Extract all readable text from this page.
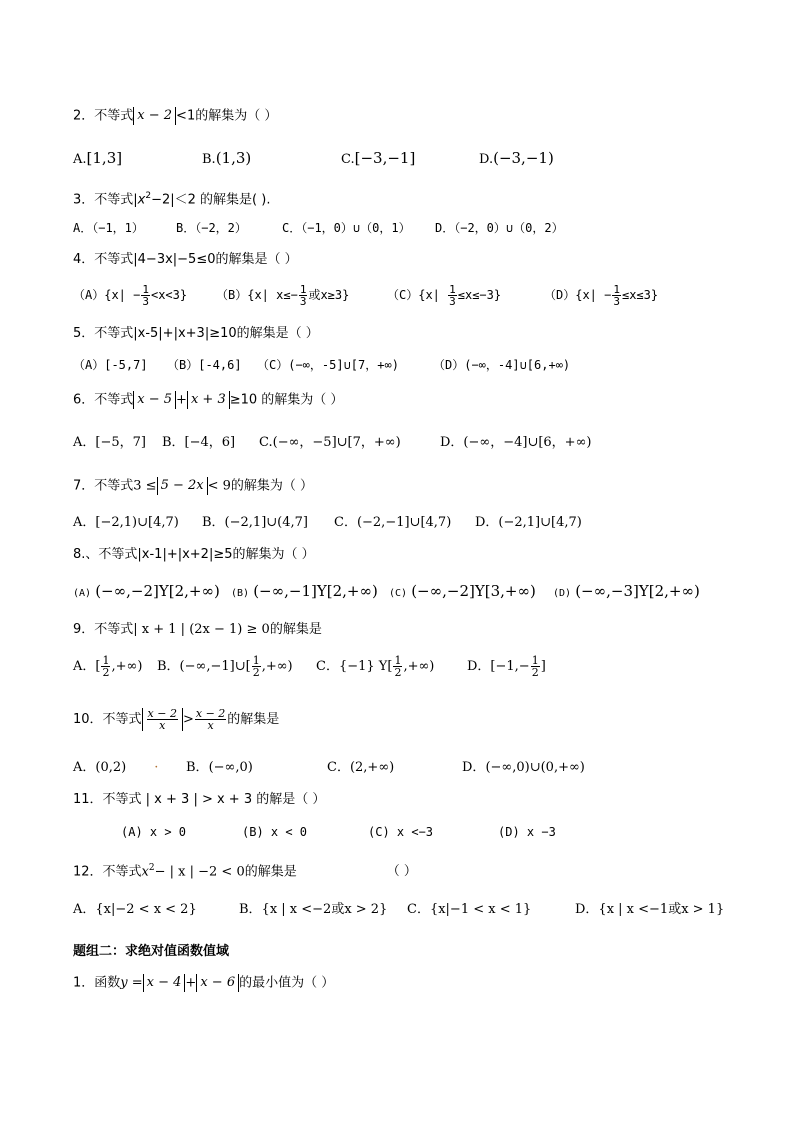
2．不等式 x − 2 <1的解集为（ ）
A.[1,3]	B.(1,3)	C.[−3,−1]	D.(−3,−1)
3．不等式$|x^2-2|<2$ 的解集是( ).
A．（−1，1）	B．（−2，2）	C．（−1，0）∪（0，1） D．（−2，0）∪（0，2）
4．不等式|4−3x|−5≤0的解集是（ ）
$(A)\{x| - \frac{1}{3} <x<3\}$ （B）{x| $x\le- \frac{1}{3}$ 或x≥3}	$(C)\{x| \frac{1}{3} \le x\le-3\}$	$(D)\{x| - \frac{1}{3} \le x\le 3\}$
5．不等式|x-5|+|x+3|≥10的解集是（ ）
（A）[-5,7] （B）[-4,6] （C）(−∞，-5]∪[7，+∞)	（D）(−∞，-4]∪[6,+∞)
6．不等式 x − 5 + x + 3 ≥10 的解集为（ ）
A．[−5，7] B．[−4，6] C.(−∞，−5]∪[7，+∞)	D．(−∞，−4]∪[6，+∞)
7．不等式3 ≤ 5 − 2x < 9的解集为（ ）
A．[−2,1)∪[4,7) B．(−2,1]∪(4,7] C．(−2,−1]∪[4,7) D．(−2,1]∪[4,7)
8.、不等式|x-1|+|x+2|≥5的解集为（ ）
(A) (−∞,−2]Y[2,+∞) (B) (−∞,−1]Y[2,+∞) (C) (−∞,−2]Y[3,+∞) (D) (−∞,−3]Y[2,+∞)
9．不等式| x + 1 | (2x − 1) ≥ 0的解集是
A．[ $\frac{1}{2}$ ,+∞) B．(−∞,−1]∪[ $\frac{1}{2}$ ,+∞) C．{−1} $Y[ \frac{1}{2}$ ,+∞)	D．[$-1,- \frac{1}{2}$ ]
10．不等式 $\frac{x - 2}{x} > \frac{x - 2}{x}$ 的解集是
A．(0,2) · B．(−∞,0)	C．(2,+∞)	D．(−∞,0)∪(0,+∞)
11．不等式 | x + 3 | > x + 3 的解是（ ）
(A) x > 0	(B) x < 0	(C) x <−3	(D) x −3
12．不等式$x^2-$ | x | −2 < 0的解集是	（ ）
A．{x|−2 < x < 2}	B．{x | x <−2或x > 2} C．{x|−1 < x < 1}	D．{x | x <−1或x > 1}
题组二：求绝对值函数值域
1．函数y = x − 4 + x − 6 的最小值为（ ）
